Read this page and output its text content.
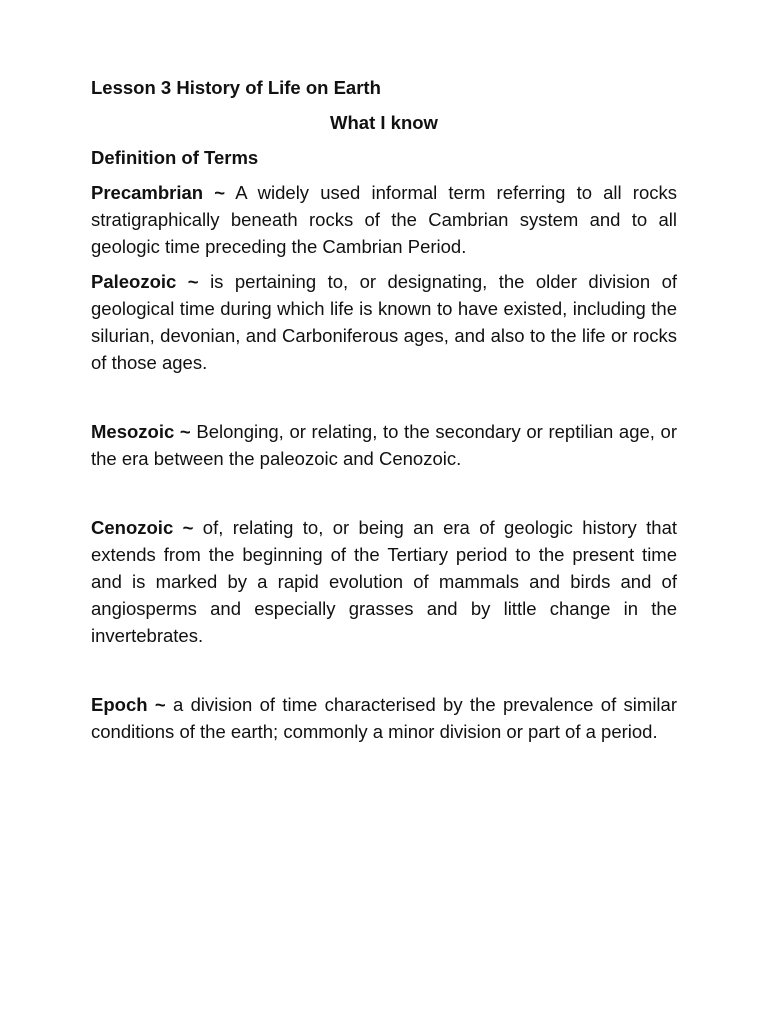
Lesson 3 History of Life on Earth
What I know
Definition of Terms

Precambrian ~ A widely used informal term referring to all rocks stratigraphically beneath rocks of the Cambrian system and to all geologic time preceding the Cambrian Period.

Paleozoic ~ is pertaining to, or designating, the older division of geological time during which life is known to have existed, including the silurian, devonian, and Carboniferous ages, and also to the life or rocks of those ages.

Mesozoic ~ Belonging, or relating, to the secondary or reptilian age, or the era between the paleozoic and Cenozoic.

Cenozoic ~ of, relating to, or being an era of geologic history that extends from the beginning of the Tertiary period to the present time and is marked by a rapid evolution of mammals and birds and of angiosperms and especially grasses and by little change in the invertebrates.

Epoch ~ a division of time characterised by the prevalence of similar conditions of the earth; commonly a minor division or part of a period.
